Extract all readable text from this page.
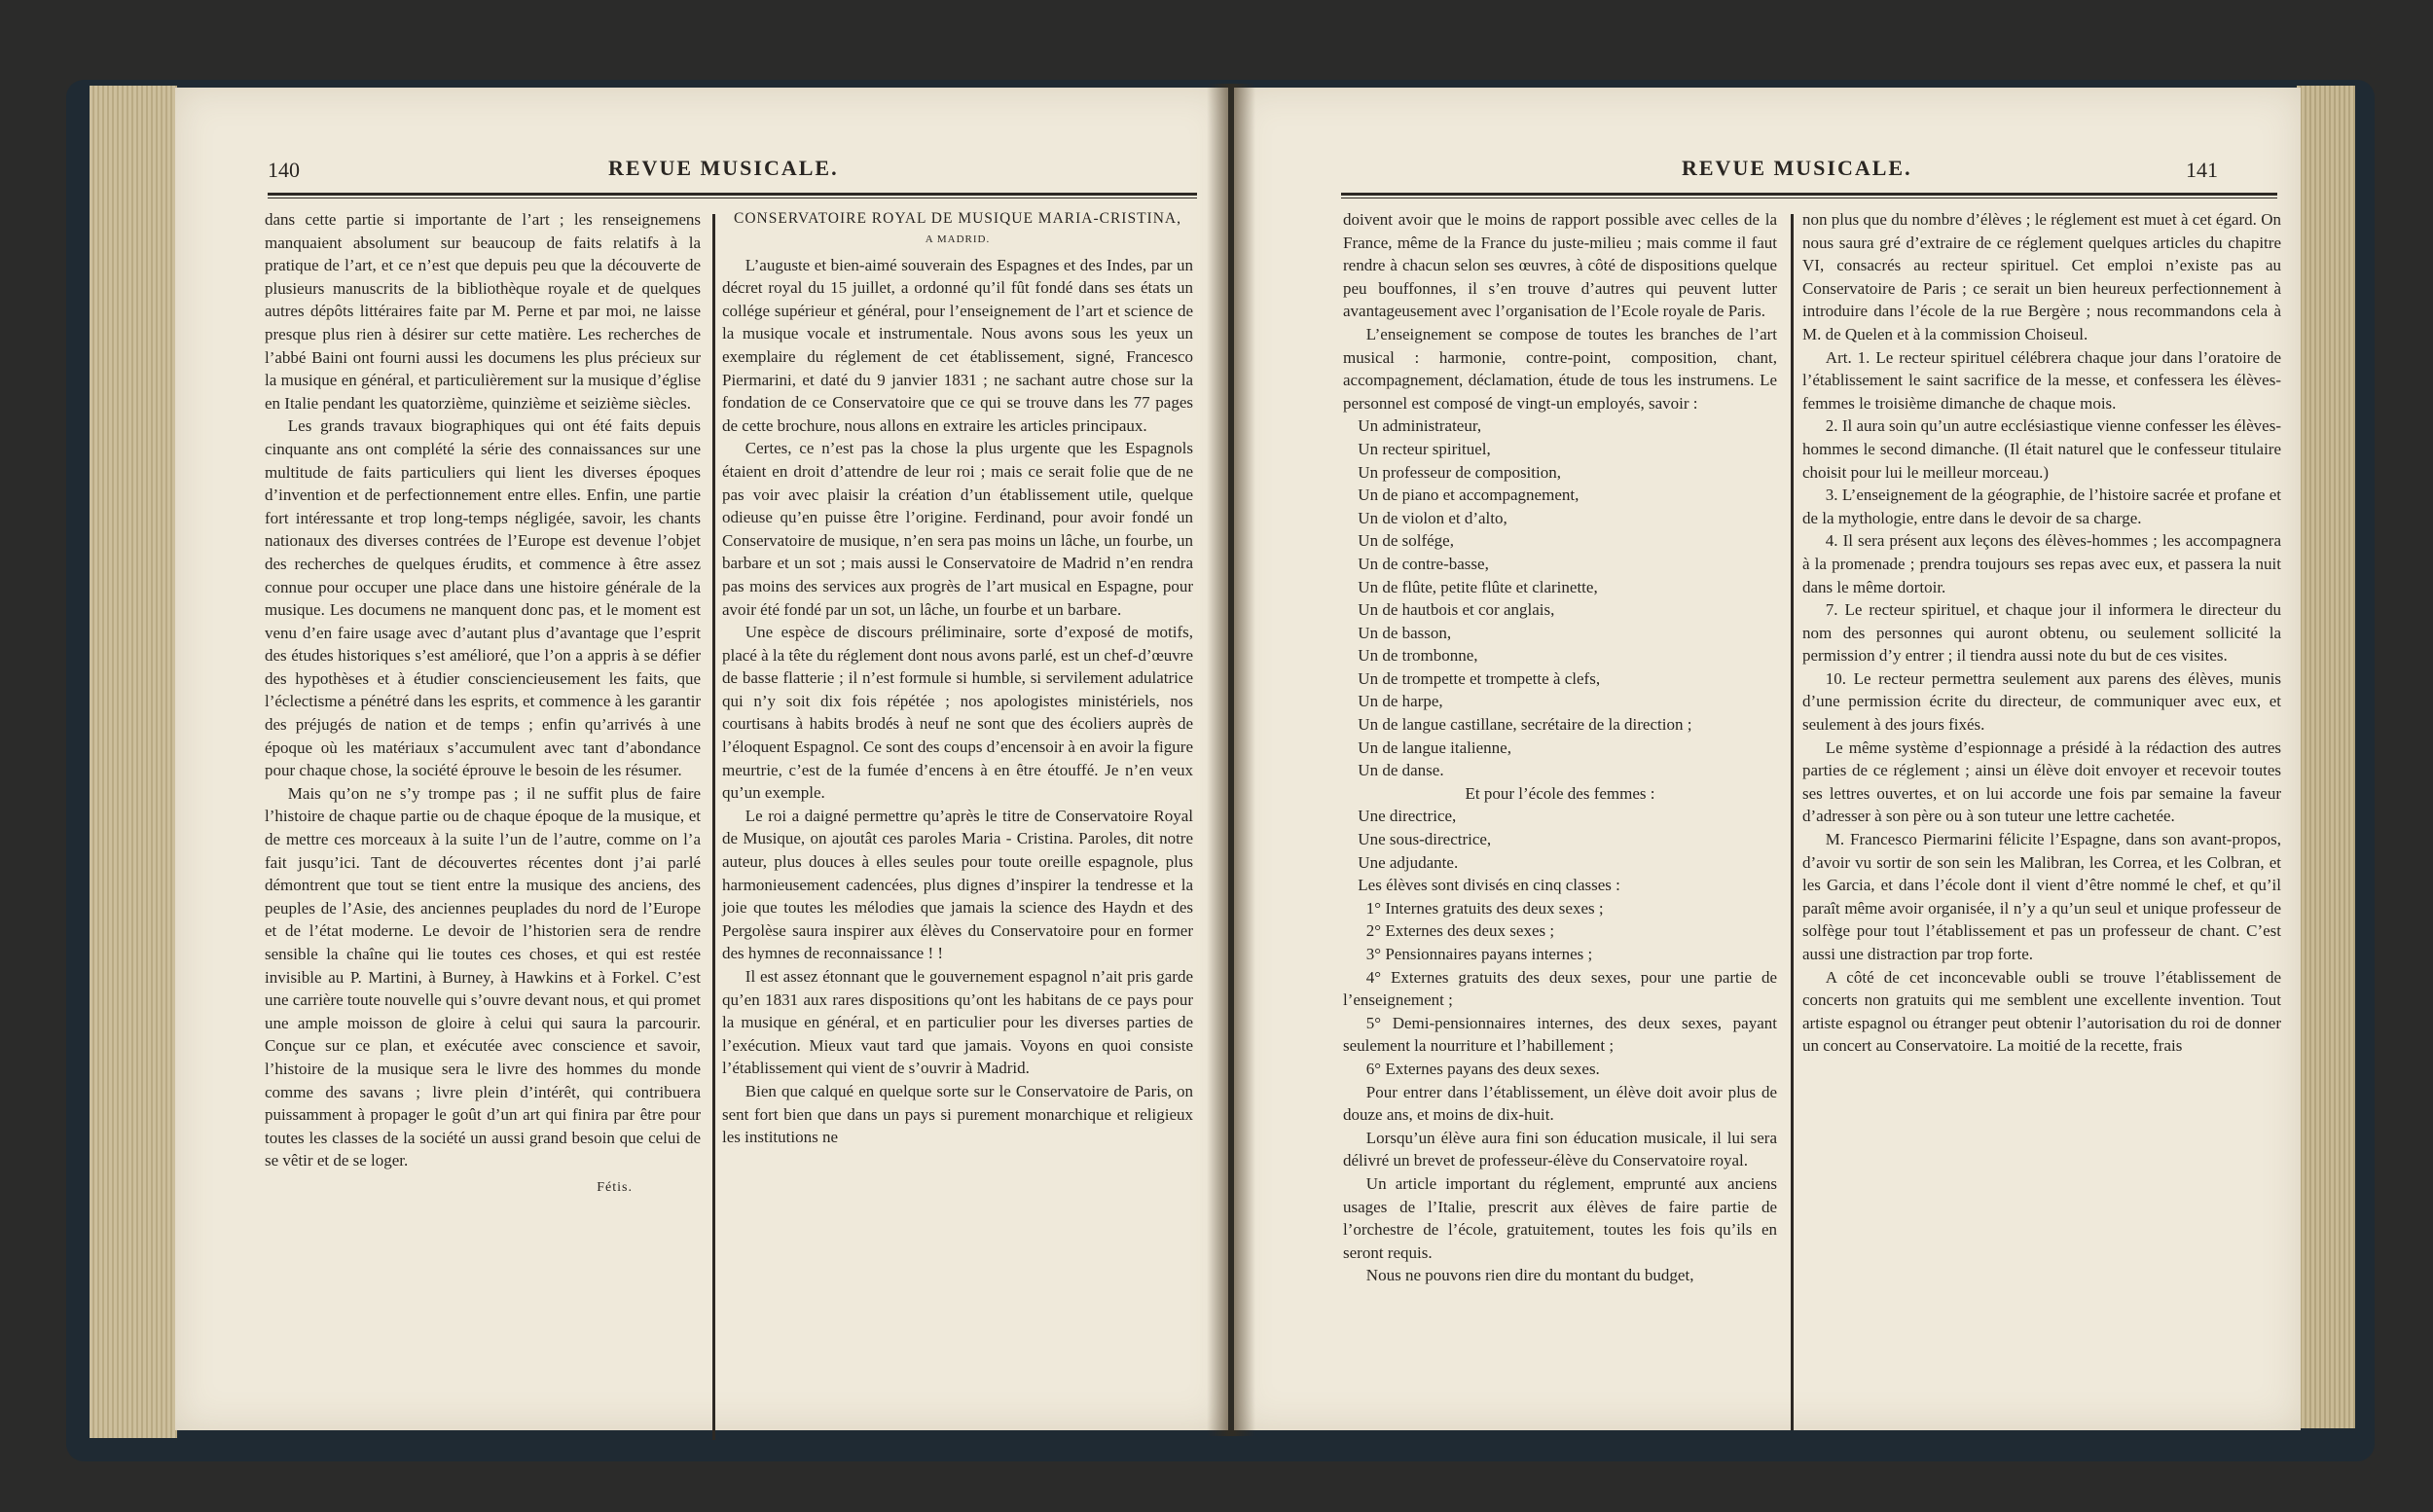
140	REVUE MUSICALE.

dans cette partie si importante de l’art ; les renseignemens manquaient absolument sur beaucoup de faits relatifs à la pratique de l’art, et ce n’est que depuis peu que la découverte de plusieurs manuscrits de la bibliothèque royale et de quelques autres dépôts littéraires faite par M. Perne et par moi, ne laisse presque plus rien à désirer sur cette matière. Les recherches de l’abbé Baini ont fourni aussi les documens les plus précieux sur la musique en général, et particulièrement sur la musique d’église en Italie pendant les quatorzième, quinzième et seizième siècles.

Les grands travaux biographiques qui ont été faits depuis cinquante ans ont complété la série des connaissances sur une multitude de faits particuliers qui lient les diverses époques d’invention et de perfectionnement entre elles. Enfin, une partie fort intéressante et trop long-temps négligée, savoir, les chants nationaux des diverses contrées de l’Europe est devenue l’objet des recherches de quelques érudits, et commence à être assez connue pour occuper une place dans une histoire générale de la musique. Les documens ne manquent donc pas, et le moment est venu d’en faire usage avec d’autant plus d’avantage que l’esprit des études historiques s’est amélioré, que l’on a appris à se défier des hypothèses et à étudier consciencieusement les faits, que l’éclectisme a pénétré dans les esprits, et commence à les garantir des préjugés de nation et de temps ; enfin qu’arrivés à une époque où les matériaux s’accumulent avec tant d’abondance pour chaque chose, la société éprouve le besoin de les résumer.

Mais qu’on ne s’y trompe pas ; il ne suffit plus de faire l’histoire de chaque partie ou de chaque époque de la musique, et de mettre ces morceaux à la suite l’un de l’autre, comme on l’a fait jusqu’ici. Tant de découvertes récentes dont j’ai parlé démontrent que tout se tient entre la musique des anciens, des peuples de l’Asie, des anciennes peuplades du nord de l’Europe et de l’état moderne. Le devoir de l’historien sera de rendre sensible la chaîne qui lie toutes ces choses, et qui est restée invisible au P. Martini, à Burney, à Hawkins et à Forkel. C’est une carrière toute nouvelle qui s’ouvre devant nous, et qui promet une ample moisson de gloire à celui qui saura la parcourir. Conçue sur ce plan, et exécutée avec conscience et savoir, l’histoire de la musique sera le livre des hommes du monde comme des savans ; livre plein d’intérêt, qui contribuera puissamment à propager le goût d’un art qui finira par être pour toutes les classes de la société un aussi grand besoin que celui de se vêtir et de se loger.

Fétis.

CONSERVATOIRE ROYAL DE MUSIQUE MARIA-CRISTINA,

A MADRID.

L’auguste et bien-aimé souverain des Espagnes et des Indes, par un décret royal du 15 juillet, a ordonné qu’il fût fondé dans ses états un collége supérieur et général, pour l’enseignement de l’art et science de la musique vocale et instrumentale. Nous avons sous les yeux un exemplaire du réglement de cet établissement, signé, Francesco Piermarini, et daté du 9 janvier 1831 ; ne sachant autre chose sur la fondation de ce Conservatoire que ce qui se trouve dans les 77 pages de cette brochure, nous allons en extraire les articles principaux.

Certes, ce n’est pas la chose la plus urgente que les Espagnols étaient en droit d’attendre de leur roi ; mais ce serait folie que de ne pas voir avec plaisir la création d’un établissement utile, quelque odieuse qu’en puisse être l’origine. Ferdinand, pour avoir fondé un Conservatoire de musique, n’en sera pas moins un lâche, un fourbe, un barbare et un sot ; mais aussi le Conservatoire de Madrid n’en rendra pas moins des services aux progrès de l’art musical en Espagne, pour avoir été fondé par un sot, un lâche, un fourbe et un barbare.

Une espèce de discours préliminaire, sorte d’exposé de motifs, placé à la tête du réglement dont nous avons parlé, est un chef-d’œuvre de basse flatterie ; il n’est formule si humble, si servilement adulatrice qui n’y soit dix fois répétée ; nos apologistes ministériels, nos courtisans à habits brodés à neuf ne sont que des écoliers auprès de l’éloquent Espagnol. Ce sont des coups d’encensoir à en avoir la figure meurtrie, c’est de la fumée d’encens à en être étouffé. Je n’en veux qu’un exemple.

Le roi a daigné permettre qu’après le titre de Conservatoire Royal de Musique, on ajoutât ces paroles Maria - Cristina. Paroles, dit notre auteur, plus douces à elles seules pour toute oreille espagnole, plus harmonieusement cadencées, plus dignes d’inspirer la tendresse et la joie que toutes les mélodies que jamais la science des Haydn et des Pergolèse saura inspirer aux élèves du Conservatoire pour en former des hymnes de reconnaissance ! !

Il est assez étonnant que le gouvernement espagnol n’ait pris garde qu’en 1831 aux rares dispositions qu’ont les habitans de ce pays pour la musique en général, et en particulier pour les diverses parties de l’exécution. Mieux vaut tard que jamais. Voyons en quoi consiste l’établissement qui vient de s’ouvrir à Madrid.

Bien que calqué en quelque sorte sur le Conservatoire de Paris, on sent fort bien que dans un pays si purement monarchique et religieux les institutions ne

REVUE MUSICALE.	141

doivent avoir que le moins de rapport possible avec celles de la France, même de la France du juste-milieu ; mais comme il faut rendre à chacun selon ses œuvres, à côté de dispositions quelque peu bouffonnes, il s’en trouve d’autres qui peuvent lutter avantageusement avec l’organisation de l’Ecole royale de Paris.

L’enseignement se compose de toutes les branches de l’art musical : harmonie, contre-point, composition, chant, accompagnement, déclamation, étude de tous les instrumens. Le personnel est composé de vingt-un employés, savoir :

Un administrateur,

Un recteur spirituel,

Un professeur de composition,

Un de piano et accompagnement,

Un de violon et d’alto,

Un de solfége,

Un de contre-basse,

Un de flûte, petite flûte et clarinette,

Un de hautbois et cor anglais,

Un de basson,

Un de trombonne,

Un de trompette et trompette à clefs,

Un de harpe,

Un de langue castillane, secrétaire de la direction ;

Un de langue italienne,

Un de danse.

Et pour l’école des femmes :

Une directrice,

Une sous-directrice,

Une adjudante.

Les élèves sont divisés en cinq classes :

1° Internes gratuits des deux sexes ;

2° Externes des deux sexes ;

3° Pensionnaires payans internes ;

4° Externes gratuits des deux sexes, pour une partie de l’enseignement ;

5° Demi-pensionnaires internes, des deux sexes, payant seulement la nourriture et l’habillement ;

6° Externes payans des deux sexes.

Pour entrer dans l’établissement, un élève doit avoir plus de douze ans, et moins de dix-huit.

Lorsqu’un élève aura fini son éducation musicale, il lui sera délivré un brevet de professeur-élève du Conservatoire royal.

Un article important du réglement, emprunté aux anciens usages de l’Italie, prescrit aux élèves de faire partie de l’orchestre de l’école, gratuitement, toutes les fois qu’ils en seront requis.

Nous ne pouvons rien dire du montant du budget,

non plus que du nombre d’élèves ; le réglement est muet à cet égard. On nous saura gré d’extraire de ce réglement quelques articles du chapitre VI, consacrés au recteur spirituel. Cet emploi n’existe pas au Conservatoire de Paris ; ce serait un bien heureux perfectionnement à introduire dans l’école de la rue Bergère ; nous recommandons cela à M. de Quelen et à la commission Choiseul.

Art. 1. Le recteur spirituel célébrera chaque jour dans l’oratoire de l’établissement le saint sacrifice de la messe, et confessera les élèves-femmes le troisième dimanche de chaque mois.

2. Il aura soin qu’un autre ecclésiastique vienne confesser les élèves-hommes le second dimanche. (Il était naturel que le confesseur titulaire choisit pour lui le meilleur morceau.)

3. L’enseignement de la géographie, de l’histoire sacrée et profane et de la mythologie, entre dans le devoir de sa charge.

4. Il sera présent aux leçons des élèves-hommes ; les accompagnera à la promenade ; prendra toujours ses repas avec eux, et passera la nuit dans le même dortoir.

7. Le recteur spirituel, et chaque jour il informera le directeur du nom des personnes qui auront obtenu, ou seulement sollicité la permission d’y entrer ; il tiendra aussi note du but de ces visites.

10. Le recteur permettra seulement aux parens des élèves, munis d’une permission écrite du directeur, de communiquer avec eux, et seulement à des jours fixés.

Le même système d’espionnage a présidé à la rédaction des autres parties de ce réglement ; ainsi un élève doit envoyer et recevoir toutes ses lettres ouvertes, et on lui accorde une fois par semaine la faveur d’adresser à son père ou à son tuteur une lettre cachetée.

M. Francesco Piermarini félicite l’Espagne, dans son avant-propos, d’avoir vu sortir de son sein les Malibran, les Correa, et les Colbran, et les Garcia, et dans l’école dont il vient d’être nommé le chef, et qu’il paraît même avoir organisée, il n’y a qu’un seul et unique professeur de solfège pour tout l’établissement et pas un professeur de chant. C’est aussi une distraction par trop forte.

A côté de cet inconcevable oubli se trouve l’établissement de concerts non gratuits qui me semblent une excellente invention. Tout artiste espagnol ou étranger peut obtenir l’autorisation du roi de donner un concert au Conservatoire. La moitié de la recette, frais
